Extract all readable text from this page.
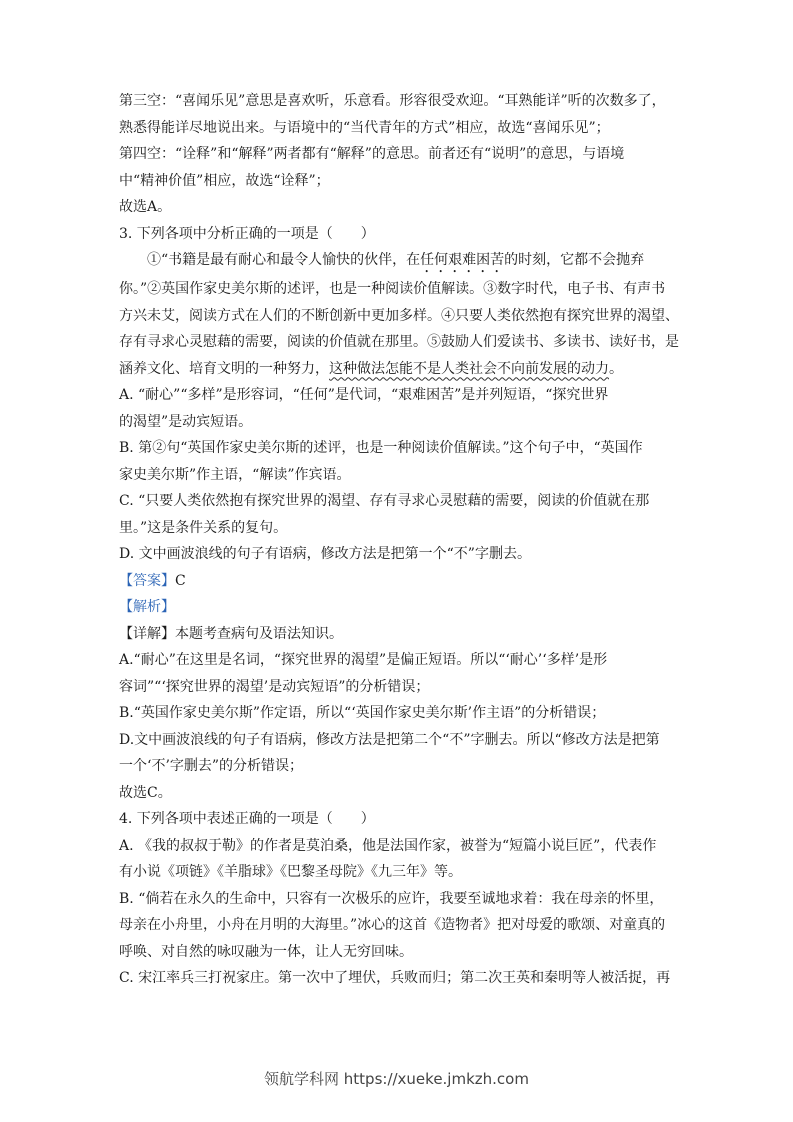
第三空：“喜闻乐见”意思是喜欢听，乐意看。形容很受欢迎。“耳熟能详”听的次数多了，
熟悉得能详尽地说出来。与语境中的“当代青年的方式”相应，故选“喜闻乐见”；
第四空：“诠释”和“解释”两者都有“解释”的意思。前者还有“说明”的意思，与语境
中“精神价值”相应，故选“诠释”；
故选A。
3. 下列各项中分析正确的一项是（　　）
①“书籍是最有耐心和最令人愉快的伙伴，在任何艰难困苦的时刻，它都不会抛弃
你。”②英国作家史美尔斯的述评，也是一种阅读价值解读。③数字时代，电子书、有声书
方兴未艾，阅读方式在人们的不断创新中更加多样。④只要人类依然抱有探究世界的渴望、
存有寻求心灵慰藉的需要，阅读的价值就在那里。⑤鼓励人们爱读书、多读书、读好书，是
涵养文化、培育文明的一种努力，这种做法怎能不是人类社会不向前发展的动力。
A. “耐心”“多样”是形容词，“任何”是代词，“艰难困苦”是并列短语，“探究世界
的渴望”是动宾短语。
B. 第②句“英国作家史美尔斯的述评，也是一种阅读价值解读。”这个句子中，“英国作
家史美尔斯”作主语，“解读”作宾语。
C. “只要人类依然抱有探究世界的渴望、存有寻求心灵慰藉的需要，阅读的价值就在那
里。”这是条件关系的复句。
D. 文中画波浪线的句子有语病，修改方法是把第一个“不”字删去。
【答案】C
【解析】
【详解】本题考查病句及语法知识。
A.“耐心”在这里是名词，“探究世界的渴望”是偏正短语。所以“‘耐心’‘多样’是形
容词”“‘探究世界的渴望’是动宾短语”的分析错误；
B.“英国作家史美尔斯”作定语，所以“‘英国作家史美尔斯’作主语”的分析错误；
D.文中画波浪线的句子有语病，修改方法是把第二个“不”字删去。所以“修改方法是把第
一个‘不’字删去”的分析错误；
故选C。
4. 下列各项中表述正确的一项是（　　）
A. 《我的叔叔于勒》的作者是莫泊桑，他是法国作家，被誉为“短篇小说巨匠”，代表作
有小说《项链》《羊脂球》《巴黎圣母院》《九三年》等。
B. “倘若在永久的生命中，只容有一次极乐的应许，我要至诚地求着：我在母亲的怀里，
母亲在小舟里，小舟在月明的大海里。”冰心的这首《造物者》把对母爱的歌颂、对童真的
呼唤、对自然的咏叹融为一体，让人无穷回味。
C. 宋江率兵三打祝家庄。第一次中了埋伏，兵败而归；第二次王英和秦明等人被活捉，再
领航学科网 https://xueke.jmkzh.com
